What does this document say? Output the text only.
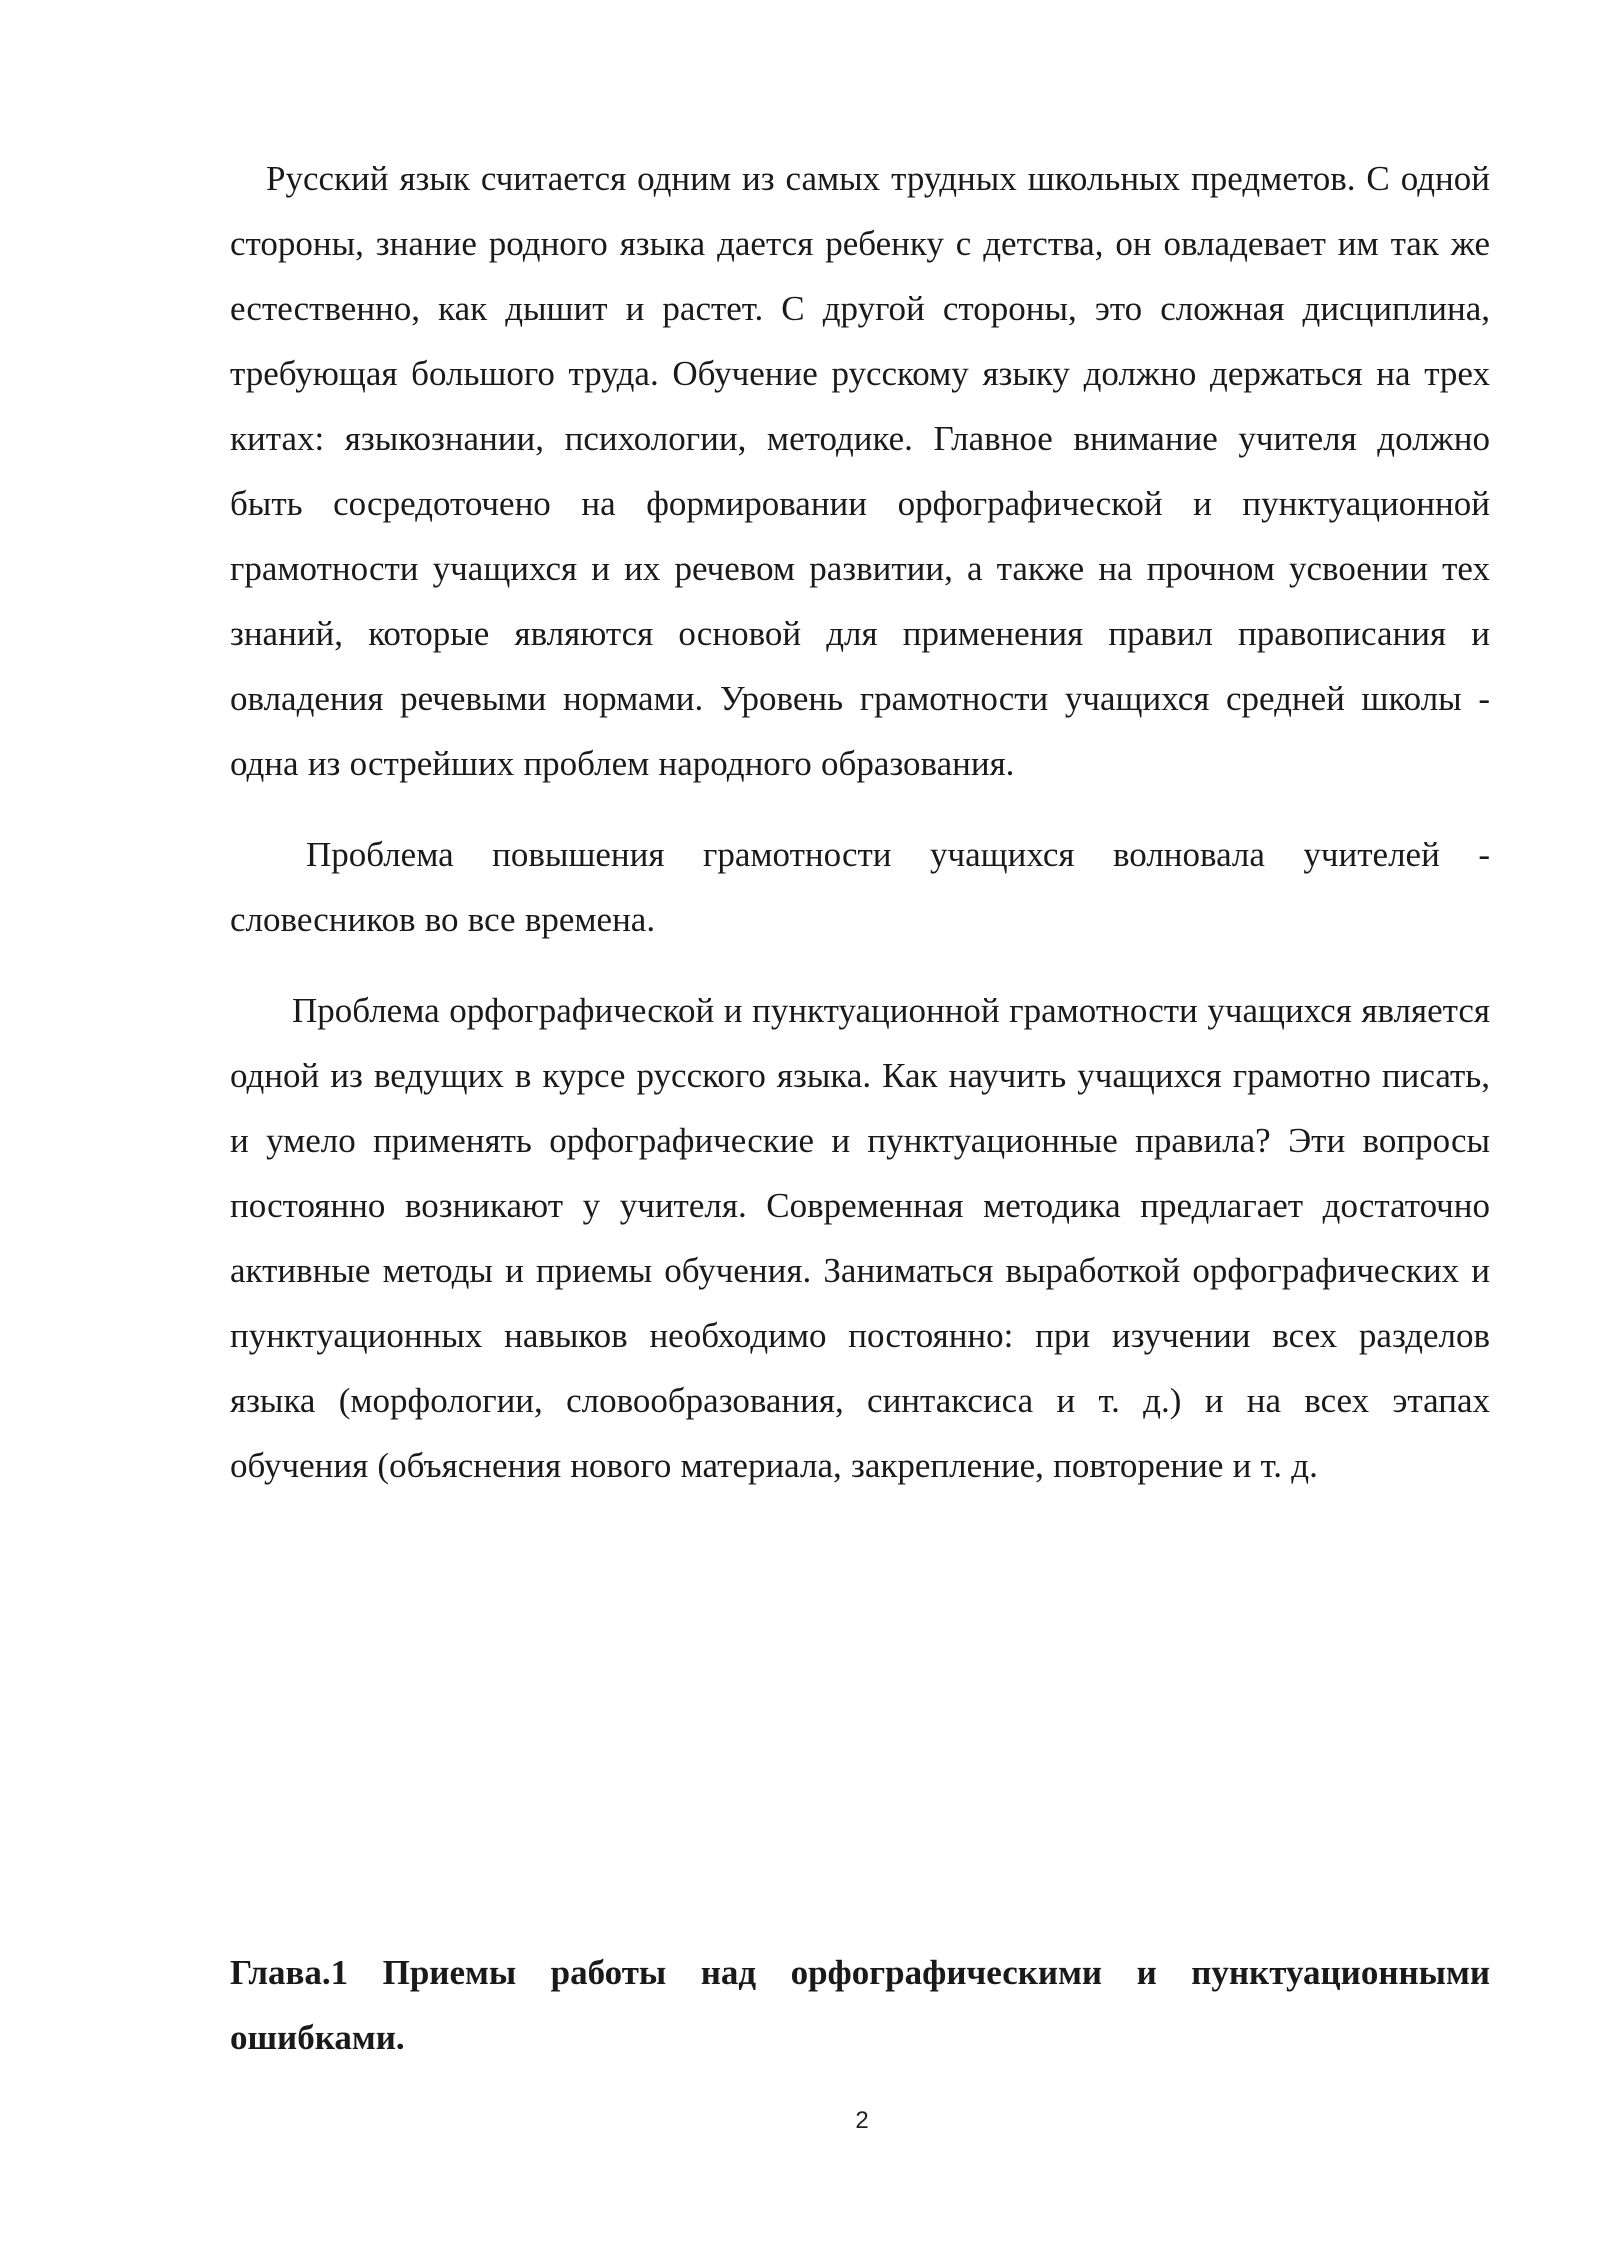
Русский язык считается одним из самых трудных школьных предметов. С одной стороны, знание родного языка дается ребенку с детства, он овладевает им так же естественно, как дышит и растет. С другой стороны, это сложная дисциплина, требующая большого труда. Обучение русскому языку должно держаться на трех китах: языкознании, психологии, методике. Главное внимание учителя должно быть сосредоточено на формировании орфографической и пунктуационной грамотности учащихся и их речевом развитии, а также на прочном усвоении тех знаний, которые являются основой для применения правил правописания и овладения речевыми нормами. Уровень грамотности учащихся средней школы - одна из острейших проблем народного образования.

Проблема повышения грамотности учащихся волновала учителей - словесников во все времена.

Проблема орфографической и пунктуационной грамотности учащихся является одной из ведущих в курсе русского языка. Как научить учащихся грамотно писать, и умело применять орфографические и пунктуационные правила? Эти вопросы постоянно возникают у учителя. Современная методика предлагает достаточно активные методы и приемы обучения. Заниматься выработкой орфографических и пунктуационных навыков необходимо постоянно: при изучении всех разделов языка (морфологии, словообразования, синтаксиса и т. д.) и на всех этапах обучения (объяснения нового материала, закрепление, повторение и т. д.

Глава.1 Приемы работы над орфографическими и пунктуационными ошибками.
2
